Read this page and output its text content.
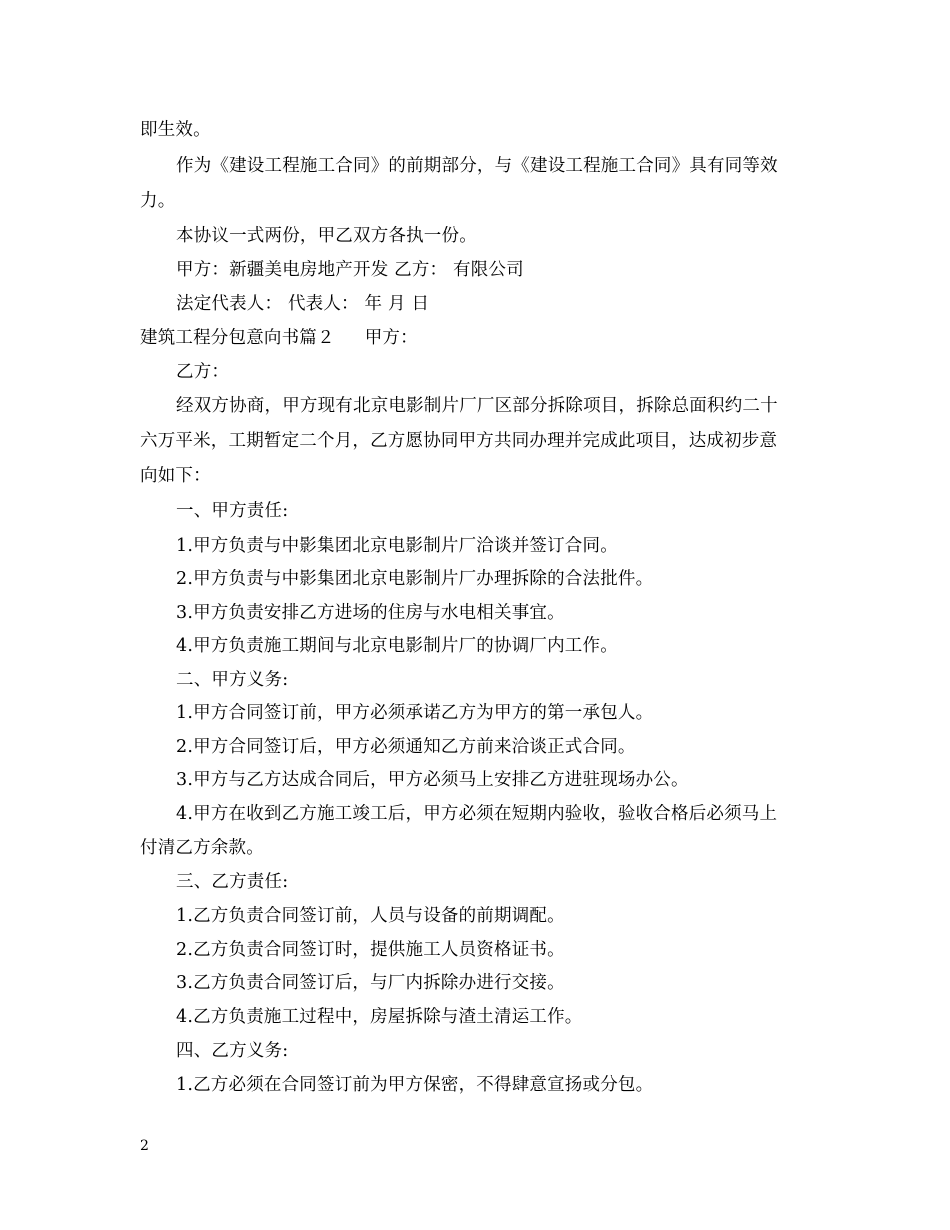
即生效。
作为《建设工程施工合同》的前期部分，与《建设工程施工合同》具有同等效
力。
本协议一式两份，甲乙双方各执一份。
甲方：新疆美电房地产开发 乙方： 有限公司
法定代表人： 代表人： 年 月 日
建筑工程分包意向书篇２ 甲方：
乙方：
经双方协商，甲方现有北京电影制片厂厂区部分拆除项目，拆除总面积约二十
六万平米，工期暂定二个月，乙方愿协同甲方共同办理并完成此项目，达成初步意
向如下：
一、甲方责任:
1.甲方负责与中影集团北京电影制片厂洽谈并签订合同。
2.甲方负责与中影集团北京电影制片厂办理拆除的合法批件。
3.甲方负责安排乙方进场的住房与水电相关事宜。
4.甲方负责施工期间与北京电影制片厂的协调厂内工作。
二、甲方义务:
1.甲方合同签订前，甲方必须承诺乙方为甲方的第一承包人。
2.甲方合同签订后，甲方必须通知乙方前来洽谈正式合同。
3.甲方与乙方达成合同后，甲方必须马上安排乙方进驻现场办公。
4.甲方在收到乙方施工竣工后，甲方必须在短期内验收，验收合格后必须马上
付清乙方余款。
三、乙方责任:
1.乙方负责合同签订前，人员与设备的前期调配。
2.乙方负责合同签订时，提供施工人员资格证书。
3.乙方负责合同签订后，与厂内拆除办进行交接。
4.乙方负责施工过程中，房屋拆除与渣土清运工作。
四、乙方义务:
1.乙方必须在合同签订前为甲方保密，不得肆意宣扬或分包。
2
